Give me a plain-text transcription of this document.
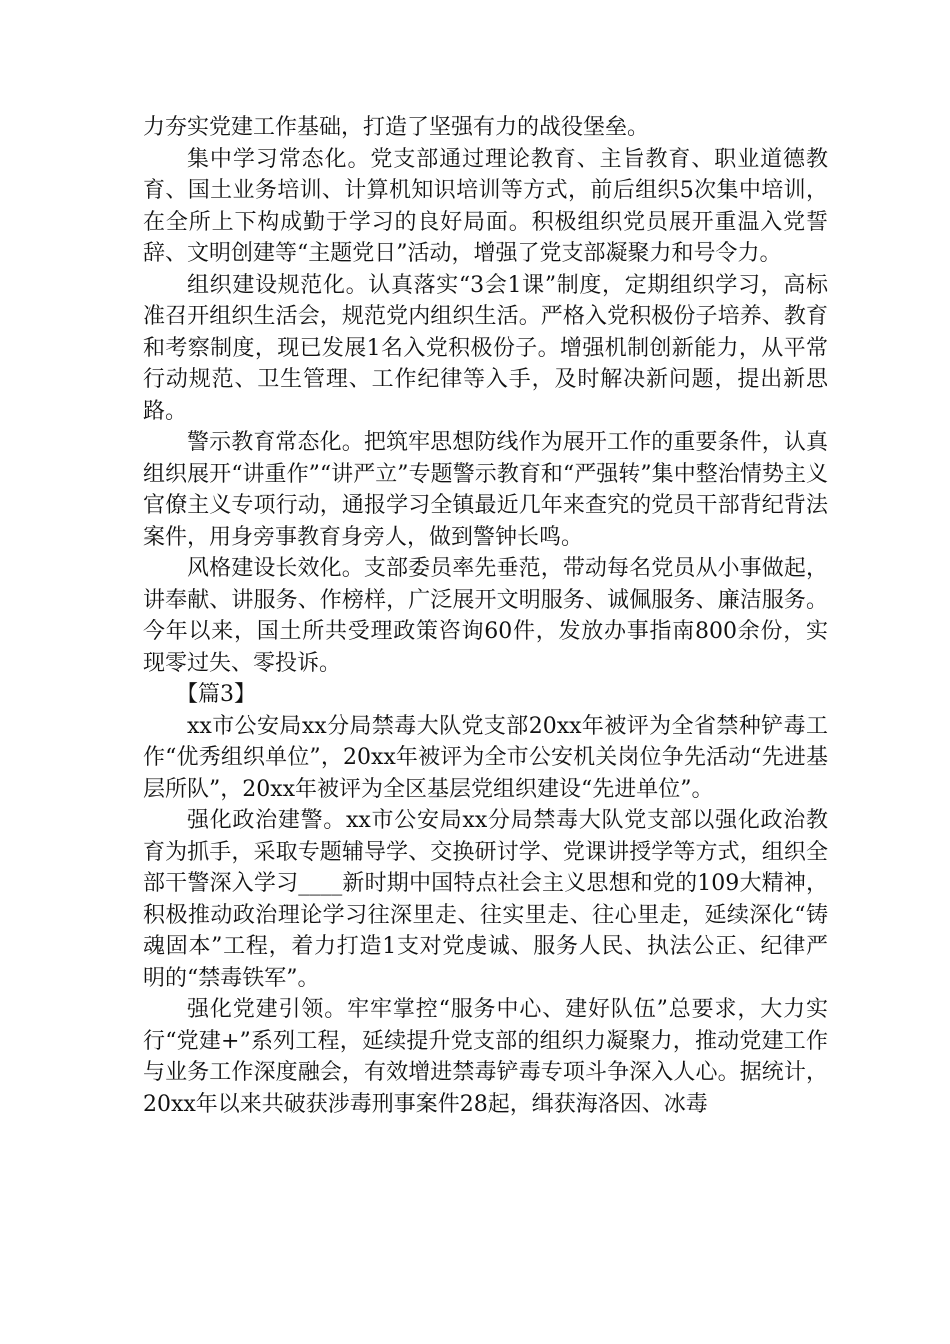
力夯实党建工作基础，打造了坚强有力的战役堡垒。

集中学习常态化。党支部通过理论教育、主旨教育、职业道德教育、国土业务培训、计算机知识培训等方式，前后组织5次集中培训，在全所上下构成勤于学习的良好局面。积极组织党员展开重温入党誓辞、文明创建等“主题党日”活动，增强了党支部凝聚力和号令力。

组织建设规范化。认真落实“3会1课”制度，定期组织学习，高标准召开组织生活会，规范党内组织生活。严格入党积极份子培养、教育和考察制度，现已发展1名入党积极份子。增强机制创新能力，从平常行动规范、卫生管理、工作纪律等入手，及时解决新问题，提出新思路。

警示教育常态化。把筑牢思想防线作为展开工作的重要条件，认真组织展开“讲重作”“讲严立”专题警示教育和“严强转”集中整治情势主义官僚主义专项行动，通报学习全镇最近几年来查究的党员干部背纪背法案件，用身旁事教育身旁人，做到警钟长鸣。

风格建设长效化。支部委员率先垂范，带动每名党员从小事做起，讲奉献、讲服务、作榜样，广泛展开文明服务、诚佩服务、廉洁服务。今年以来，国土所共受理政策咨询60件，发放办事指南800余份，实现零过失、零投诉。

【篇3】

xx市公安局xx分局禁毒大队党支部20xx年被评为全省禁种铲毒工作“优秀组织单位”，20xx年被评为全市公安机关岗位争先活动“先进基层所队”，20xx年被评为全区基层党组织建设“先进单位”。

强化政治建警。xx市公安局xx分局禁毒大队党支部以强化政治教育为抓手，采取专题辅导学、交换研讨学、党课讲授学等方式，组织全部干警深入学习____新时期中国特点社会主义思想和党的109大精神，积极推动政治理论学习往深里走、往实里走、往心里走，延续深化“铸魂固本”工程，着力打造1支对党虔诚、服务人民、执法公正、纪律严明的“禁毒铁军”。

强化党建引领。牢牢掌控“服务中心、建好队伍”总要求，大力实行“党建+”系列工程，延续提升党支部的组织力凝聚力，推动党建工作与业务工作深度融会，有效增进禁毒铲毒专项斗争深入人心。据统计，20xx年以来共破获涉毒刑事案件28起，缉获海洛因、冰毒
